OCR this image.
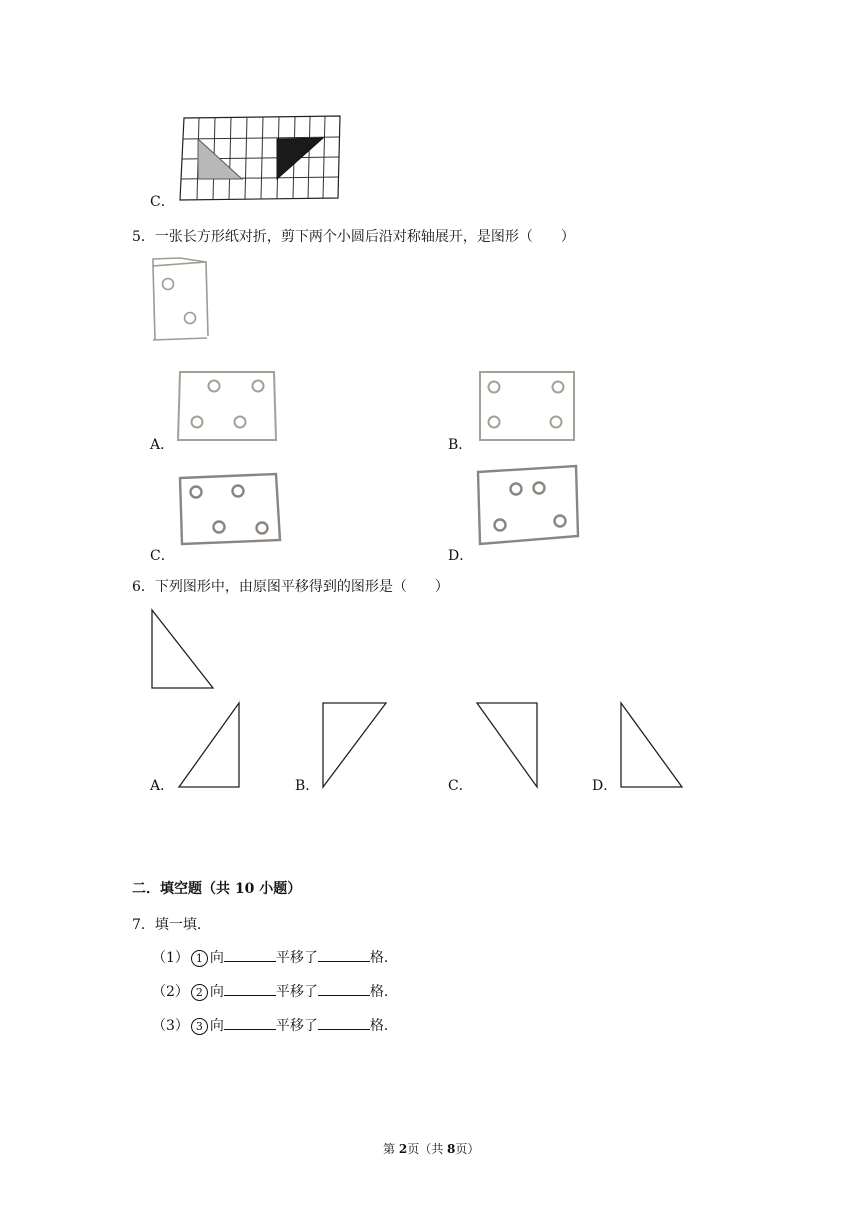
C．
5．一张长方形纸对折，剪下两个小圆后沿对称轴展开，是图形（　　）
A．	B．
C．	D．
6．下列图形中，由原图平移得到的图形是（　　）
A．	B．	C．	D．
二．填空题（共 10 小题）
7．填一填.
（1） 1 向	平移了	格.
（2） 2 向	平移了	格.
（3） 3 向	平移了	格.
第 2页（共 8页）
